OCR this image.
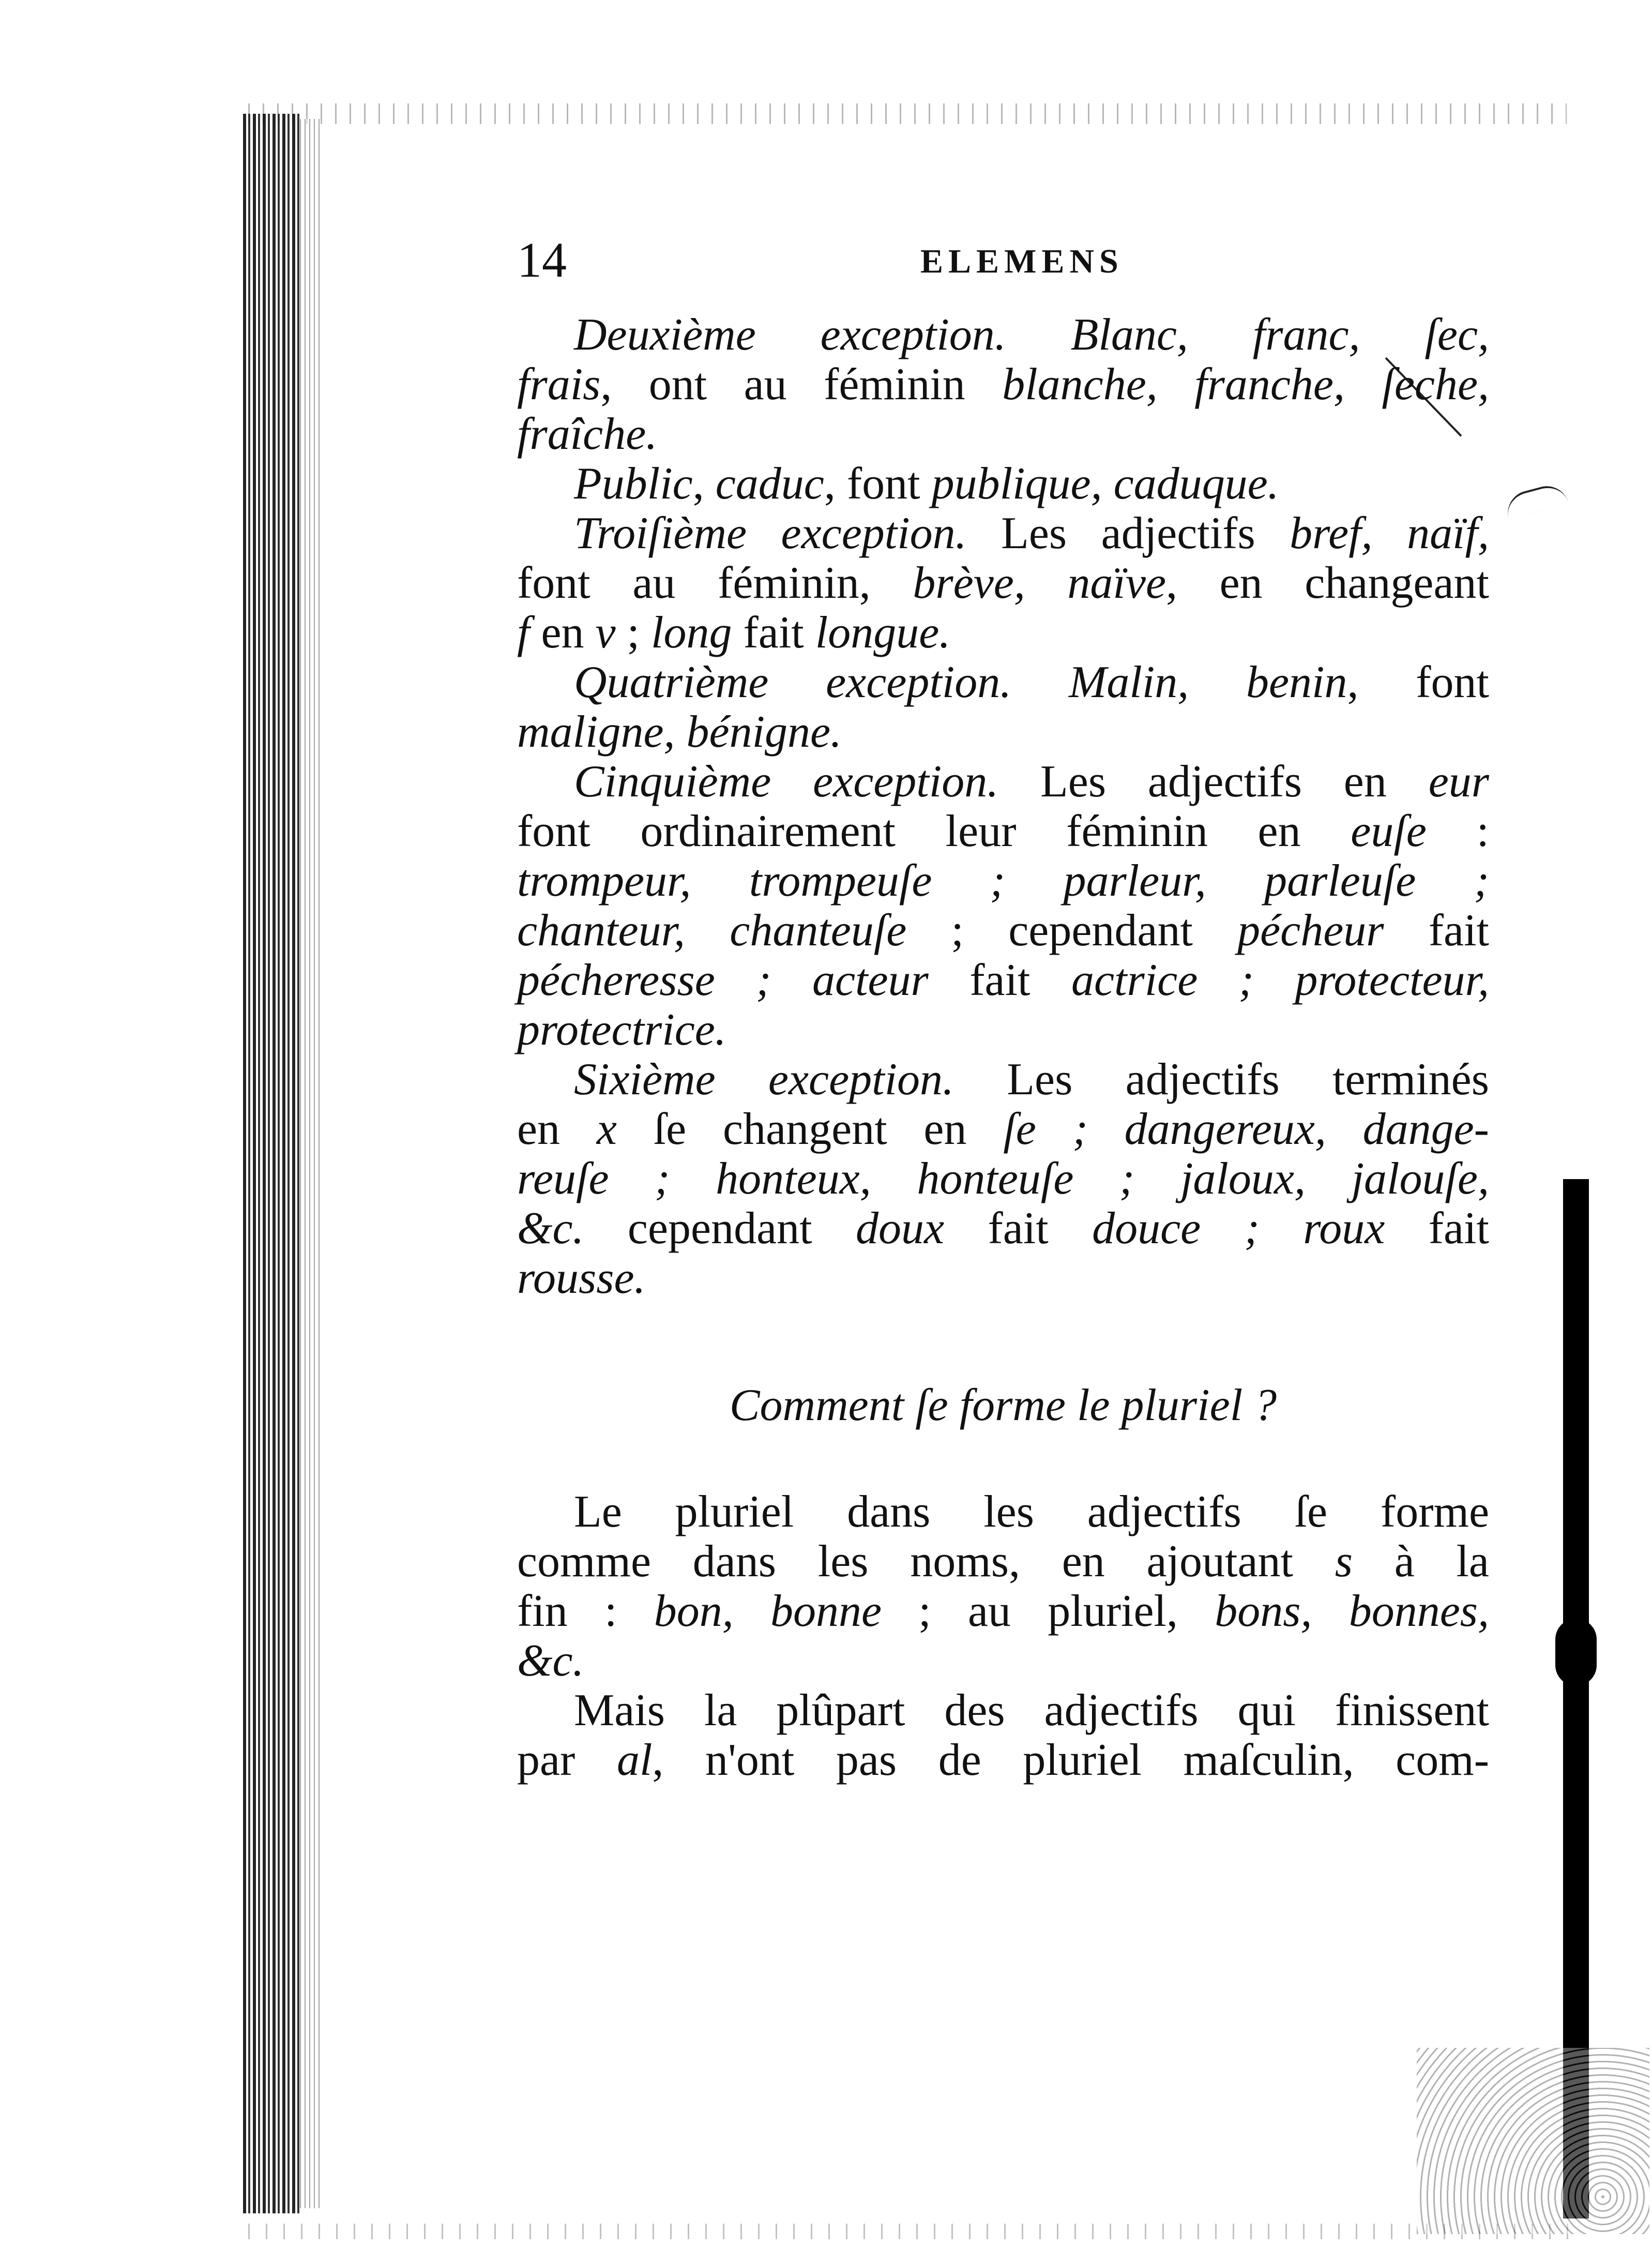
14	ELEMENS
Deuxième exception. Blanc, franc, ſec,
frais, ont au féminin blanche, franche, ſeche,
fraîche.
Public, caduc, font publique, caduque.
Troiſième exception. Les adjectifs bref, naïf,
font au féminin, brève, naïve, en changeant
f en v ; long fait longue.
Quatrième exception. Malin, benin, font
maligne, bénigne.
Cinquième exception. Les adjectifs en eur
font ordinairement leur féminin en euſe :
trompeur, trompeuſe ; parleur, parleuſe ;
chanteur, chanteuſe ; cependant pécheur fait
pécheresse ; acteur fait actrice ; protecteur,
protectrice.
Sixième exception. Les adjectifs terminés
en x ſe changent en ſe ; dangereux, dange-
reuſe ; honteux, honteuſe ; jaloux, jalouſe,
&c. cependant doux fait douce ; roux fait
rousse.
Comment ſe forme le pluriel ?
Le pluriel dans les adjectifs ſe forme
comme dans les noms, en ajoutant s à la
fin : bon, bonne ; au pluriel, bons, bonnes,
&c.
Mais la plûpart des adjectifs qui finissent
par al, n'ont pas de pluriel maſculin, com-
